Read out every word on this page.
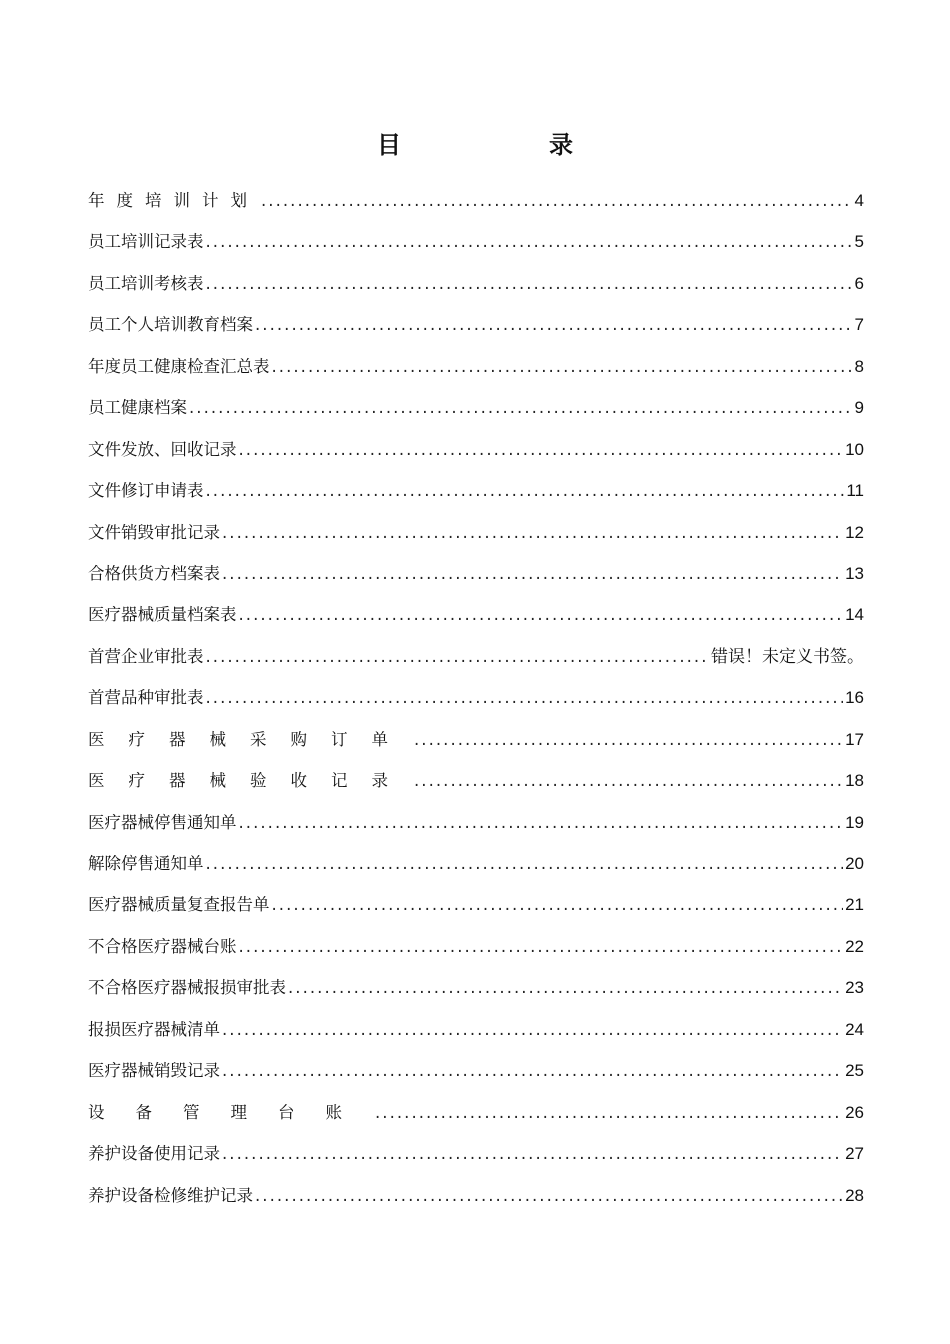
目　录
年度培训计划 . . .	4
员工培训记录表 . . .	5
员工培训考核表 . . .	6
员工个人培训教育档案 . . .	7
年度员工健康检查汇总表 . . .	8
员工健康档案 . . .	9
文件发放、回收记录 . . .	10
文件修订申请表 . . .	11
文件销毁审批记录 . . .	12
合格供货方档案表 . . .	13
医疗器械质量档案表 . . .	14
首营企业审批表 . . .	错误！未定义书签。
首营品种审批表 . . .	16
医疗器械采购订单 . . .	17
医疗器械验收记录 . . .	18
医疗器械停售通知单 . . .	19
解除停售通知单 . . .	20
医疗器械质量复查报告单 . . .	21
不合格医疗器械台账 . . .	22
不合格医疗器械报损审批表 . . .	23
报损医疗器械清单 . . .	24
医疗器械销毁记录 . . .	25
设备管理台账 . . .	26
养护设备使用记录 . . .	27
养护设备检修维护记录 . . .	28
